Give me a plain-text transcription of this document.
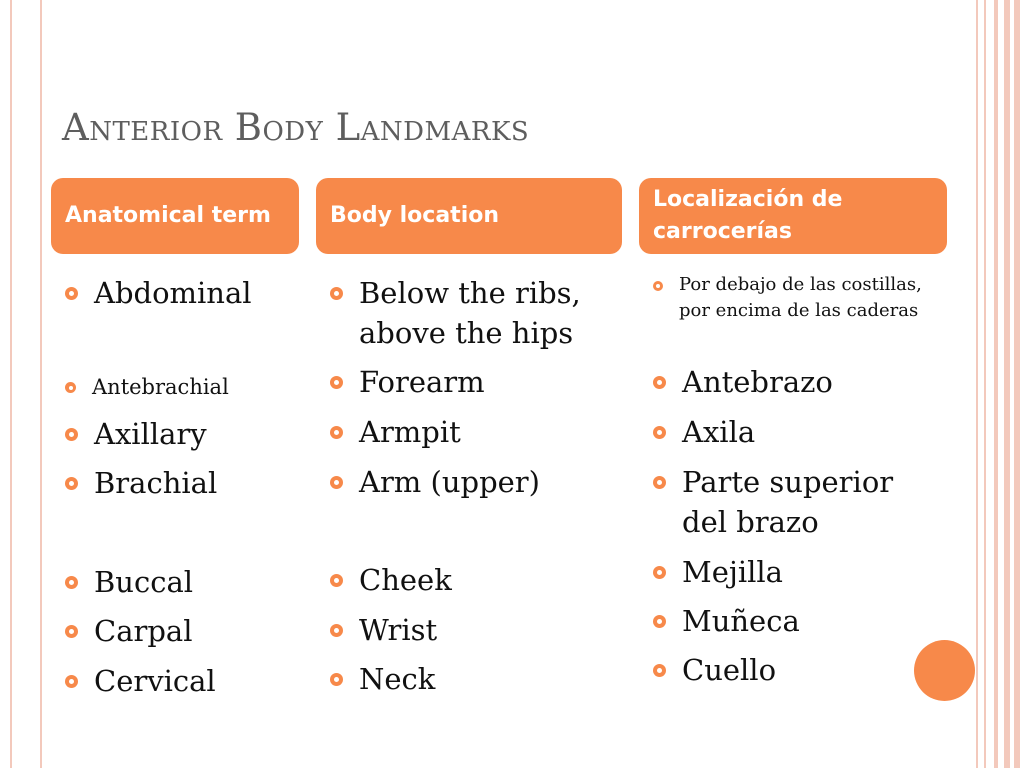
Anterior Body Landmarks
Anatomical term	Body location
Localización de carrocerías
Abdominal
Antebrachial
Axillary
Brachial
Buccal
Carpal
Cervical
Below the ribs, above the hips
Forearm
Armpit
Arm (upper)
Cheek
Wrist
Neck
Por debajo de las costillas, por encima de las caderas
Antebrazo
Axila
Parte superior del brazo
Mejilla
Muñeca
Cuello
